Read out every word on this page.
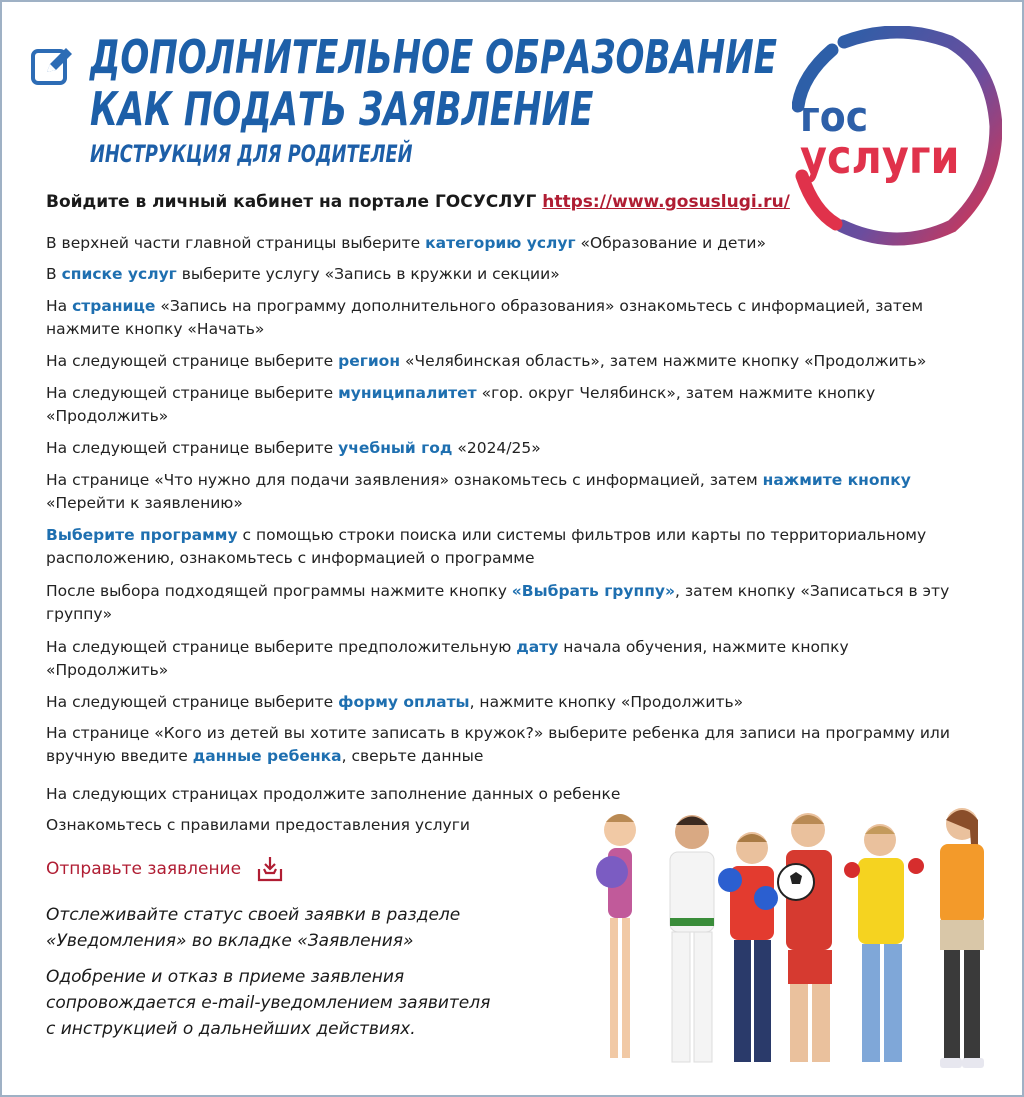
ДОПОЛНИТЕЛЬНОЕ ОБРАЗОВАНИЕ
КАК ПОДАТЬ ЗАЯВЛЕНИЕ
ИНСТРУКЦИЯ ДЛЯ РОДИТЕЛЕЙ
гос
услуги
Войдите в личный кабинет на портале ГОСУСЛУГ https://www.gosuslugi.ru/
В верхней части главной страницы выберите категорию услуг «Образование и дети»
В списке услуг выберите услугу «Запись в кружки и секции»
На странице «Запись на программу дополнительного образования» ознакомьтесь с информацией, затем нажмите кнопку «Начать»
На следующей странице выберите регион «Челябинская область», затем нажмите кнопку «Продолжить»
На следующей странице выберите муниципалитет «гор. округ Челябинск», затем нажмите кнопку «Продолжить»
На следующей странице выберите учебный год «2024/25»
На странице «Что нужно для подачи заявления» ознакомьтесь с информацией, затем нажмите кнопку «Перейти к заявлению»
Выберите программу с помощью строки поиска или системы фильтров или карты по территориальному расположению, ознакомьтесь с информацией о программе
После выбора подходящей программы нажмите кнопку «Выбрать группу», затем кнопку «Записаться в эту группу»
На следующей странице выберите предположительную дату начала обучения, нажмите кнопку «Продолжить»
На следующей странице выберите форму оплаты, нажмите кнопку «Продолжить»
На странице «Кого из детей вы хотите записать в кружок?» выберите ребенка для записи на программу или вручную введите данные ребенка, сверьте данные
На следующих страницах продолжите заполнение данных о ребенке
Ознакомьтесь с правилами предоставления услуги
Отправьте заявление
Отслеживайте статус своей заявки в разделе
«Уведомления» во вкладке «Заявления»
Одобрение и отказ в приеме заявления
сопровождается e-mail-уведомлением заявителя
с инструкцией о дальнейших действиях.
